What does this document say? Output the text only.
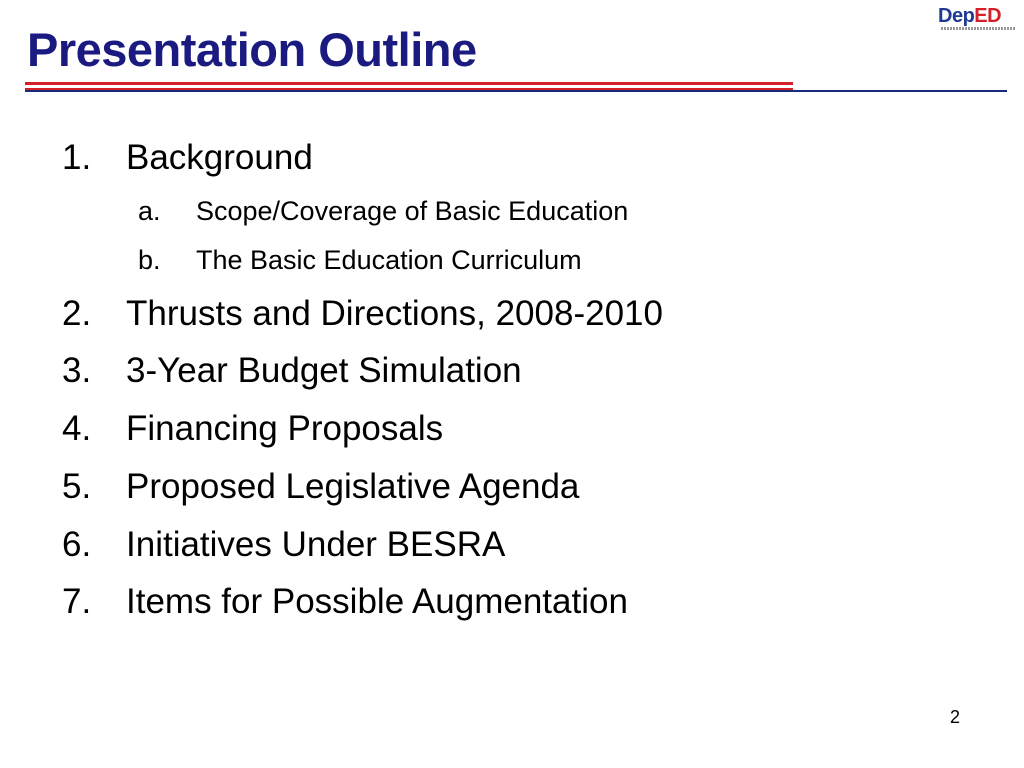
Presentation Outline
DepED
1. Background
a. Scope/Coverage of Basic Education
b. The Basic Education Curriculum
2. Thrusts and Directions, 2008-2010
3. 3-Year Budget Simulation
4. Financing Proposals
5. Proposed Legislative Agenda
6. Initiatives Under BESRA
7. Items for Possible Augmentation
2
